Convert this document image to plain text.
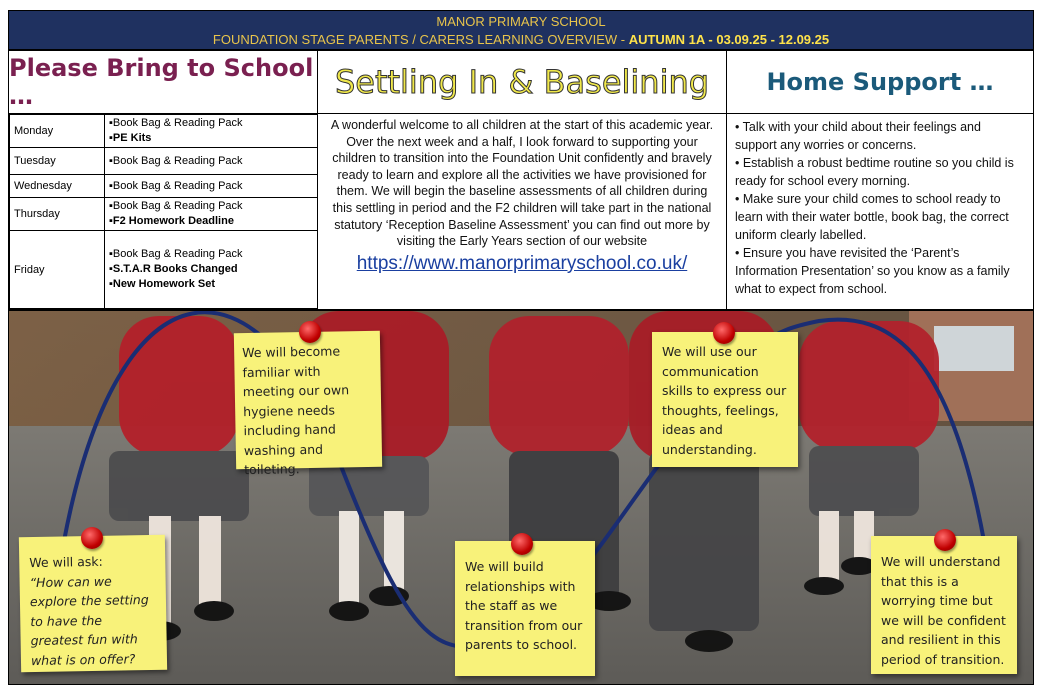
MANOR PRIMARY SCHOOL
FOUNDATION STAGE PARENTS / CARERS LEARNING OVERVIEW - AUTUMN 1A - 03.09.25 - 12.09.25
Please Bring to School …	Settling In & Baselining	Home Support …
Monday	▪Book Bag & Reading Pack
▪PE Kits

Tuesday	▪Book Bag & Reading Pack

Wednesday	▪Book Bag & Reading Pack

Thursday	▪Book Bag & Reading Pack
▪F2 Homework Deadline

Friday	▪Book Bag & Reading Pack
▪S.T.A.R Books Changed
▪New Homework Set
A wonderful welcome to all children at the start of this academic year. Over the next week and a half, I look forward to supporting your children to transition into the Foundation Unit confidently and bravely ready to learn and explore all the activities we have provisioned for them. We will begin the baseline assessments of all children during this settling in period and the F2 children will take part in the national statutory ‘Reception Baseline Assessment’ you can find out more by visiting the Early Years section of our website
https://www.manorprimaryschool.co.uk/

• Talk with your child about their feelings and support any worries or concerns.

• Establish a robust bedtime routine so you child is ready for school every morning.

• Make sure your child comes to school ready to learn with their water bottle, book bag, the correct uniform clearly labelled.

• Ensure you have revisited the ‘Parent’s Information Presentation’ so you know as a family what to expect from school.

We will become familiar with meeting our own hygiene needs including hand washing and toileting.
We will use our communication skills to express our thoughts, feelings, ideas and understanding.
We will ask:
“How can we explore the setting to have the greatest fun with what is on offer?
We will build relationships with the staff as we transition from our parents to school.
We will understand that this is a worrying time but we will be confident and resilient in this period of transition.
